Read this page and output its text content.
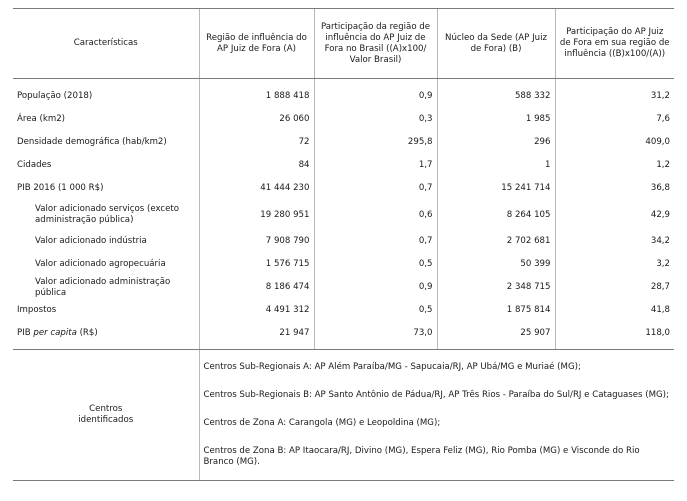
Características	Região de influência do AP Juiz de Fora (A)	Participação da região de influência do AP Juiz de Fora no Brasil ((A)x100/ Valor Brasil)	Núcleo da Sede (AP Juiz de Fora) (B)	Participação do AP Juiz de Fora em sua região de influência ((B)x100/(A))
População (2018)	1 888 418	0,9	588 332	31,2
Área (km2)	26 060	0,3	1 985	7,6
Densidade demográfica (hab/km2)	72	295,8	296	409,0
Cidades	84	1,7	1	1,2
PIB 2016 (1 000 R$)	41 444 230	0,7	15 241 714	36,8
Valor adicionado serviços (exceto administração pública)	19 280 951	0,6	8 264 105	42,9
Valor adicionado indústria	7 908 790	0,7	2 702 681	34,2
Valor adicionado agropecuária	1 576 715	0,5	50 399	3,2
Valor adicionado administração pública	8 186 474	0,9	2 348 715	28,7
Impostos	4 491 312	0,5	1 875 814	41,8
PIB per capita (R$)	21 947	73,0	25 907	118,0

Centros
identificados	Centros Sub-Regionais A: AP Além Paraíba/MG - Sapucaia/RJ, AP Ubá/MG e Muriaé (MG);
Centros Sub-Regionais B: AP Santo Antônio de Pádua/RJ, AP Três Rios - Paraíba do Sul/RJ e Cataguases (MG);
Centros de Zona A: Carangola (MG) e Leopoldina (MG);
Centros de Zona B: AP Itaocara/RJ, Divino (MG), Espera Feliz (MG), Rio Pomba (MG) e Visconde do Rio Branco (MG).			
